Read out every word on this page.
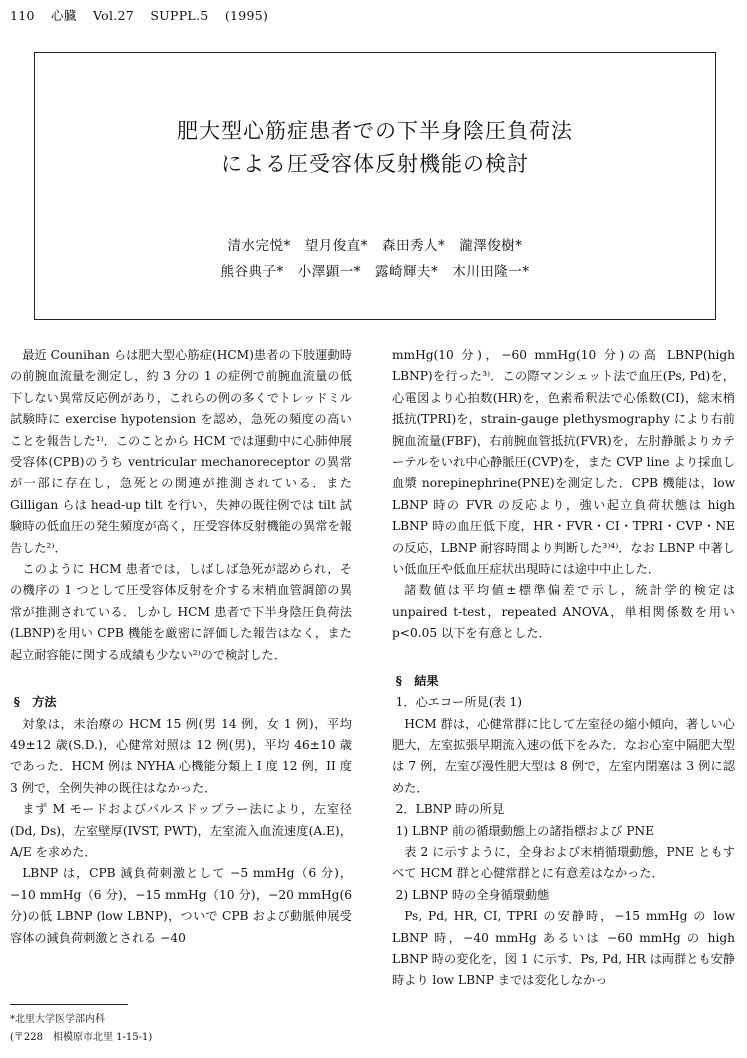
110 心臓 Vol.27 SUPPL.5 (1995)
肥大型心筋症患者での下半身陰圧負荷法
による圧受容体反射機能の検討
清水完悦*　望月俊直*　森田秀人*　瀧澤俊樹*
熊谷典子*　小澤顕一*　露崎輝夫*　木川田隆一*

最近 Counihan らは肥大型心筋症(HCM)患者の下肢運動時の前腕血流量を測定し，約 3 分の 1 の症例で前腕血流量の低下しない異常反応例があり，これらの例の多くでトレッドミル試験時に exercise hypotension を認め，急死の頻度の高いことを報告した¹⁾．このことから HCM では運動中に心肺伸展受容体(CPB)のうち ventricular mechanoreceptor の異常が一部に存在し，急死との関連が推測されている．また Gilligan らは head-up tilt を行い，失神の既往例では tilt 試験時の低血圧の発生頻度が高く，圧受容体反射機能の異常を報告した²⁾．

このように HCM 患者では，しばしば急死が認められ，その機序の 1 つとして圧受容体反射を介する末梢血管調節の異常が推測されている．しかし HCM 患者で下半身陰圧負荷法(LBNP)を用い CPB 機能を厳密に評価した報告はなく，また起立耐容能に関する成績も少ない²⁾ので検討した．

§　方法

対象は，未治療の HCM 15 例(男 14 例，女 1 例)，平均 49±12 歳(S.D.)，心健常対照は 12 例(男)，平均 46±10 歳であった．HCM 例は NYHA 心機能分類上 I 度 12 例，II 度 3 例で，全例失神の既往はなかった．

まず M モードおよびパルスドップラー法により，左室径(Dd, Ds)，左室壁厚(IVST, PWT)，左室流入血流速度(A.E)，A/E を求めた．

LBNP は，CPB 減負荷刺激として −5 mmHg（6 分)，−10 mmHg（6 分)，−15 mmHg（10 分)，−20 mmHg(6 分)の低 LBNP (low LBNP)，ついで CPB および動脈伸展受容体の減負荷刺激とされる −40

mmHg(10 分)，−60 mmHg(10 分)の高 LBNP(high LBNP)を行った³⁾．この際マンシェット法で血圧(Ps, Pd)を，心電図より心拍数(HR)を，色素希釈法で心係数(CI)，総末梢抵抗(TPRI)を，strain-gauge plethysmography により右前腕血流量(FBF)，右前腕血管抵抗(FVR)を，左肘静脈よりカテーテルをいれ中心静脈圧(CVP)を，また CVP line より採血し血漿 norepinephrine(PNE)を測定した．CPB 機能は，low LBNP 時の FVR の反応より，強い起立負荷状態は high LBNP 時の血圧低下度，HR・FVR・CI・TPRI・CVP・NE の反応，LBNP 耐容時間より判断した³⁾⁴⁾．なお LBNP 中著しい低血圧や低血圧症状出現時には途中中止した．

諸数値は平均値±標準偏差で示し，統計学的検定は unpaired t-test，repeated ANOVA，単相関係数を用い p<0.05 以下を有意とした．

§　結果

1．心エコー所見(表 1)

HCM 群は，心健常群に比して左室径の縮小傾向，著しい心肥大，左室拡張早期流入速の低下をみた．なお心室中隔肥大型は 7 例，左室び漫性肥大型は 8 例で，左室内閉塞は 3 例に認めた．

2．LBNP 時の所見

1) LBNP 前の循環動態上の諸指標および PNE

表 2 に示すように，全身および末梢循環動態，PNE ともすべて HCM 群と心健常群とに有意差はなかった．

2) LBNP 時の全身循環動態

Ps, Pd, HR, CI, TPRI の安静時，−15 mmHg の low LBNP 時，−40 mmHg あるいは −60 mmHg の high LBNP 時の変化を，図 1 に示す．Ps, Pd, HR は両群とも安静時より low LBNP までは変化しなかっ

*北里大学医学部内科
(〒228　相模原市北里 1-15-1)
